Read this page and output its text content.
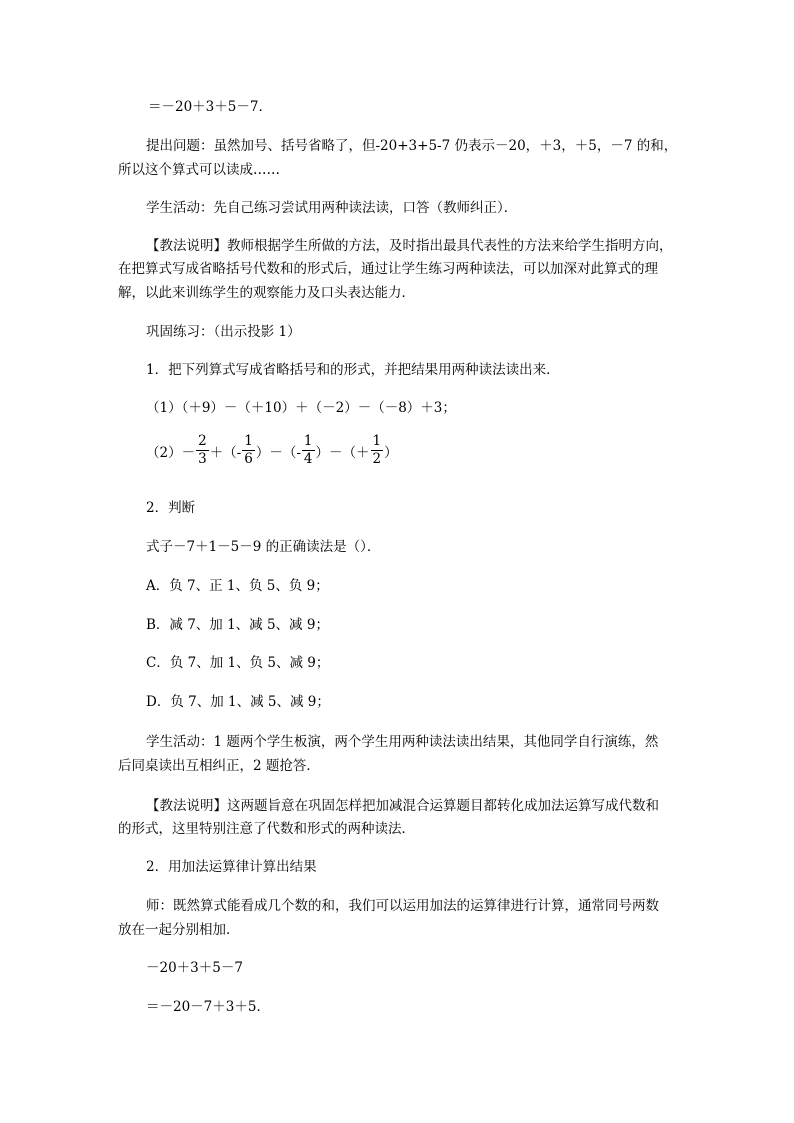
＝－20＋3＋5－7．
提出问题：虽然加号、括号省略了，但-20+3+5-7 仍表示－20，＋3，＋5，－7 的和，
所以这个算式可以读成……
学生活动：先自己练习尝试用两种读法读，口答（教师纠正）．
【教法说明】教师根据学生所做的方法，及时指出最具代表性的方法来给学生指明方向，
在把算式写成省略括号代数和的形式后，通过让学生练习两种读法，可以加深对此算式的理
解，以此来训练学生的观察能力及口头表达能力．
巩固练习：（出示投影 1）
1．把下列算式写成省略括号和的形式，并把结果用两种读法读出来．
（1）（＋9）－（＋10）＋（－2）－（－8）＋3；
$(2)- \frac{2}{3}$ ＋（- $\frac{1}{6}$ ）－（- $\frac{1}{4}$ ）－（＋ $\frac{1}{2}$ ）
2．判断
式子－7＋1－5－9 的正确读法是（）．
A．负 7、正 1、负 5、负 9；
B．减 7、加 1、减 5、减 9；
C．负 7、加 1、负 5、减 9；
D．负 7、加 1、减 5、减 9；
学生活动：1 题两个学生板演，两个学生用两种读法读出结果，其他同学自行演练，然
后同桌读出互相纠正，2 题抢答．
【教法说明】这两题旨意在巩固怎样把加减混合运算题目都转化成加法运算写成代数和
的形式，这里特别注意了代数和形式的两种读法．
2．用加法运算律计算出结果
师：既然算式能看成几个数的和，我们可以运用加法的运算律进行计算，通常同号两数
放在一起分别相加．
－20＋3＋5－7
＝－20－7＋3＋5．
